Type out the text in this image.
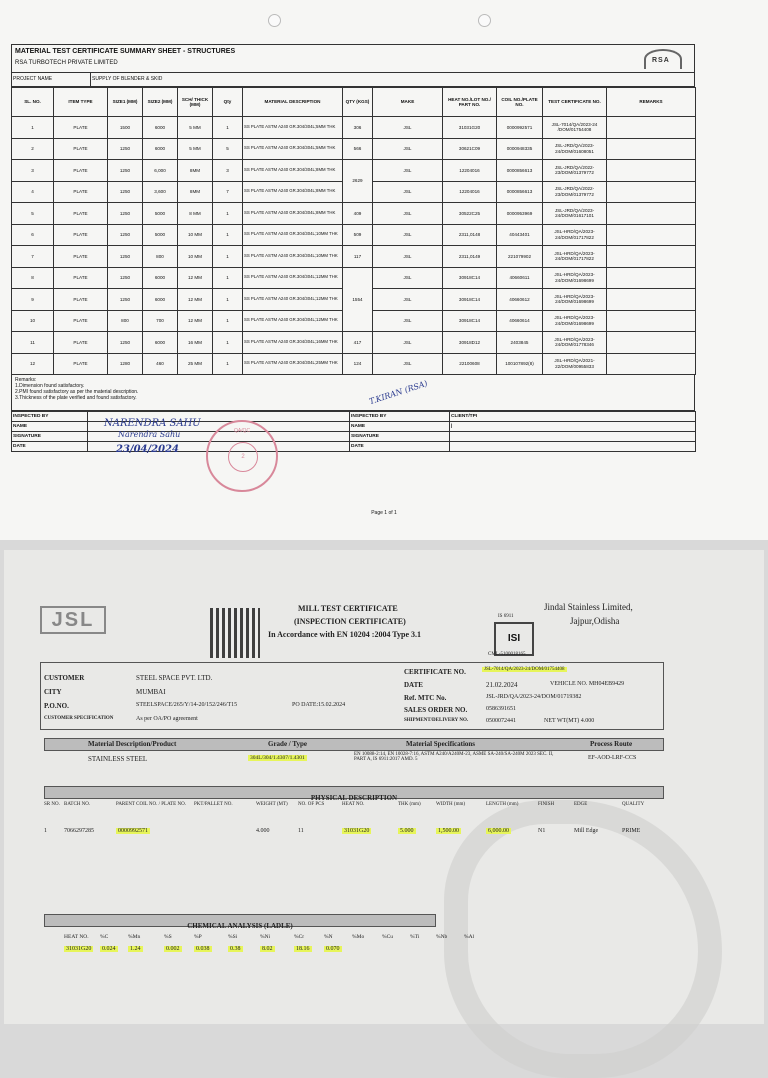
MATERIAL TEST CERTIFICATE SUMMARY SHEET - STRUCTURES
RSA TURBOTECH PRIVATE LIMITED	RSA
PROJECT NAME	SUPPLY OF BLENDER & SKID
SL. NO.	ITEM TYPE	SIZE1 (MM)	SIZE2 (MM)	SCH/ THICK (MM)	Qty	MATERIAL DESCRIPTION	QTY (KGS)	MAKE	HEAT NO./LOT NO./ PART NO.	COIL NO./PLATE NO.	TEST CERTIFICATE NO.	REMARKS
1	PLATE	1500	6000	5 MM	1	SS PLATE ASTM A240 GR.304/304L;5MM THK	306	JSL	31031G20	0000992571	JSL-7014/QA/2023-24 /DOM/01754408	
2	PLATE	1250	6000	5 MM	5	SS PLATE ASTM A240 GR.304/304L;5MM THK	566	JSL	30621C09	0000948335	JSL-JRD/QA/2023-24/DOM/01608051	
3	PLATE	1250	6,000	8MM	3	SS PLATE ASTM A240 GR.304/304L;8MM THK	2629	JSL	12204016	0000856613	JSL-JRD/QA/2022-23/DOM/01379772	
4	PLATE	1250	3,600	8MM	7	SS PLATE ASTM A240 GR.304/304L;8MM THK		JSL	12204016	0000856613	JSL-JRD/QA/2022-23/DOM/01379772	
5	PLATE	1250	5000	8 MM	1	SS PLATE ASTM A240 GR.304/304L;8MM THK	409	JSL	30522C25	0000953969	JSL-JRD/QA/2023-24/DOM/01617101	
6	PLATE	1250	5000	10 MM	1	SS PLATE ASTM A240 GR.304/304L;10MM THK	509	JSL	2311,0148	40443401	JSL-HRD/QA/2023-24/DOM/01717822	
7	PLATE	1250	800	10 MM	1	SS PLATE ASTM A240 GR.304/304L;10MM THK	117	JSL	2311,0149	221079902	JSL-HRD/QA/2023-24/DOM/01717822	
8	PLATE	1250	6000	12 MM	1	SS PLATE ASTM A240 GR.304/304L;12MM THK	1554	JSL	30918C14	40660611	JSL-HRD/QA/2023-24/DOM/01698699	
9	PLATE	1250	6000	12 MM	1	SS PLATE ASTM A240 GR.304/304L;12MM THK		JSL	30918C14	40660612	JSL-HRD/QA/2023-24/DOM/01698699	
10	PLATE	800	700	12 MM	1	SS PLATE ASTM A240 GR.304/304L;12MM THK		JSL	30918C14	40660614	JSL-HRD/QA/2023-24/DOM/01698699	
11	PLATE	1250	6000	16 MM	1	SS PLATE ASTM A240 GR.304/304L;16MM THK	417	JSL	30918D12	2403845	JSL-HRD/QA/2023-24/DOM/01778346	
12	PLATE	1280	460	25 MM	1	SS PLATE ASTM A240 GR.304/304L;25MM THK	124	JSL	22100608	100107892(8)	JSL-HRD/QA/2021-22/DOM/00955833	
Remarks:
1.Dimension found satisfactory.
2.PMI found satisfactory as per the material description.
3.Thickness of the plate verified and found satisfactory.
INSPECTED BY		INSPECTED BY	CLIENT/TPI
NAME		NAME	|
SIGNATURE		SIGNATURE	
DATE		DATE	
NARENDRA SAHU
Narendra Sahu
23/04/2024
T.KIRAN (RSA)
QA/QC
2
Page 1 of 1
JSL
MILL TEST CERTIFICATE
(INSPECTION CERTIFICATE)
In Accordance with EN 10204 :2004 Type 3.1
Jindal Stainless Limited,
Jajpur,Odisha
IS 6911
ISI
CML-5100018165
CUSTOMER	STEEL SPACE PVT. LTD.
CITY	MUMBAI
P.O.NO.	STEELSPACE/265/Y/14-20/152/246/T15	PO DATE:15.02.2024
CUSTOMER SPECIFICATION	As per OA/PO agreement
CERTIFICATE NO.	JSL-7014/QA/2023-24/DOM/01754408
DATE	21.02.2024	VEHICLE NO. MH04EB9429
Ref. MTC No.	JSL-JRD/QA/2023-24/DOM/01719382
SALES ORDER NO.	0586391651
SHIPMENT/DELIVERY NO.	0500072441	NET WT(MT) 4.000
Material Description/Product	Grade / Type	Material Specifications	Process Route
STAINLESS STEEL	304L/304/1.4307/1.4301
EN 10088-2:14, EN 10028-7:16, ASTM A240/A240M-23, ASME SA-240/SA-240M 2023 SEC. II, PART A, IS 6911:2017 AMD. 5	EF-AOD-LRF-CCS
PHYSICAL DESCRIPTION
SR NO. BATCH NO.	PARENT COIL NO. / PLATE NO. PKT/PALLET NO.	WEIGHT (MT) NO. OF PCS	HEAT NO.	THK (mm)	WIDTH (mm)	LENGTH (mm)	FINISH	EDGE	QUALITY
1	7066297285	0000992571	4.000	11	31031G20	5.000	1,500.00	6,000.00	N1	Mill Edge	PRIME
CHEMICAL ANALYSIS (LADLE)
HEAT NO. %C	%Mn	%S	%P	%Si	%Ni	%Cr	%N	%Mo	%Cu	%Ti	%Nb	%Al
31031G20	0.024	1.24	0.002	0.038	0.38	8.02	18.16	0.070
